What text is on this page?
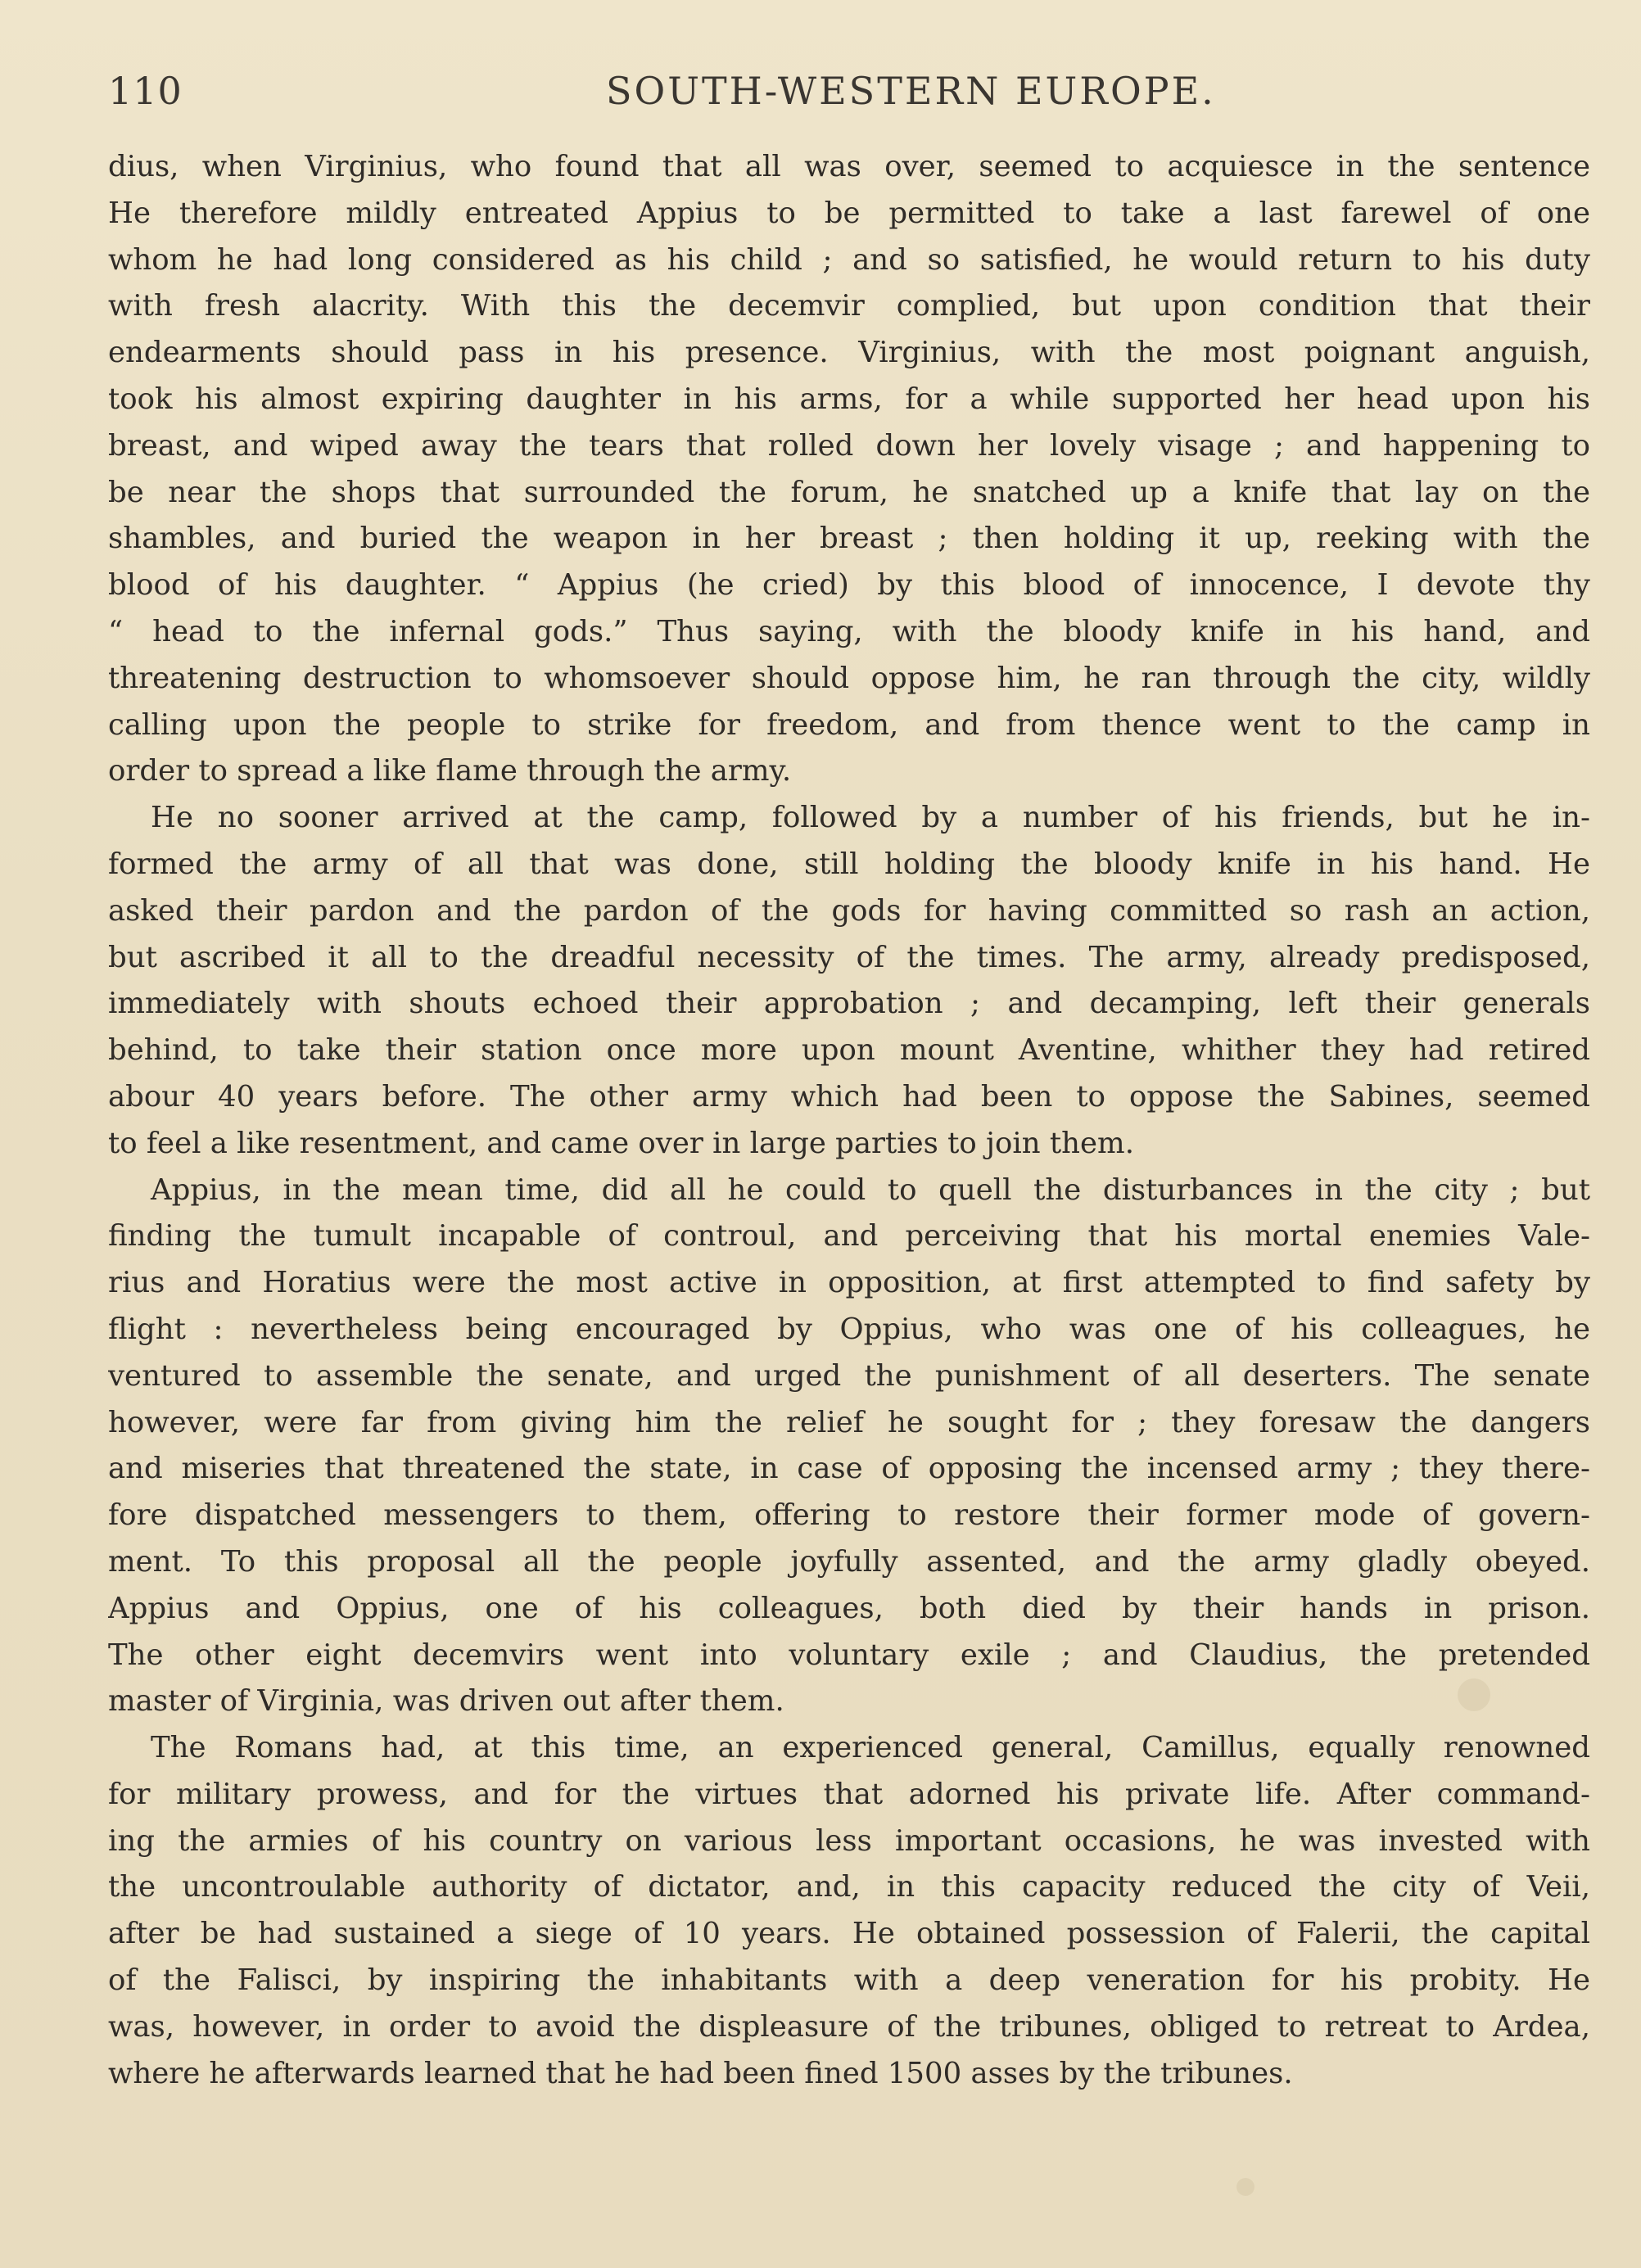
110	SOUTH-WESTERN EUROPE.
dius, when Virginius, who found that all was over, seemed to acquiesce in the sentence
He therefore mildly entreated Appius to be permitted to take a last farewel of one
whom he had long considered as his child ; and so satisfied, he would return to his duty
with fresh alacrity. With this the decemvir complied, but upon condition that their
endearments should pass in his presence. Virginius, with the most poignant anguish,
took his almost expiring daughter in his arms, for a while supported her head upon his
breast, and wiped away the tears that rolled down her lovely visage ; and happening to
be near the shops that surrounded the forum, he snatched up a knife that lay on the
shambles, and buried the weapon in her breast ; then holding it up, reeking with the
blood of his daughter. “ Appius (he cried) by this blood of innocence, I devote thy
“ head to the infernal gods.” Thus saying, with the bloody knife in his hand, and
threatening destruction to whomsoever should oppose him, he ran through the city, wildly
calling upon the people to strike for freedom, and from thence went to the camp in
order to spread a like flame through the army.
He no sooner arrived at the camp, followed by a number of his friends, but he in-
formed the army of all that was done, still holding the bloody knife in his hand. He
asked their pardon and the pardon of the gods for having committed so rash an action,
but ascribed it all to the dreadful necessity of the times. The army, already predisposed,
immediately with shouts echoed their approbation ; and decamping, left their generals
behind, to take their station once more upon mount Aventine, whither they had retired
abour 40 years before. The other army which had been to oppose the Sabines, seemed
to feel a like resentment, and came over in large parties to join them.
Appius, in the mean time, did all he could to quell the disturbances in the city ; but
finding the tumult incapable of controul, and perceiving that his mortal enemies Vale-
rius and Horatius were the most active in opposition, at first attempted to find safety by
flight : nevertheless being encouraged by Oppius, who was one of his colleagues, he
ventured to assemble the senate, and urged the punishment of all deserters. The senate
however, were far from giving him the relief he sought for ; they foresaw the dangers
and miseries that threatened the state, in case of opposing the incensed army ; they there-
fore dispatched messengers to them, offering to restore their former mode of govern-
ment. To this proposal all the people joyfully assented, and the army gladly obeyed.
Appius and Oppius, one of his colleagues, both died by their hands in prison.
The other eight decemvirs went into voluntary exile ; and Claudius, the pretended
master of Virginia, was driven out after them.
The Romans had, at this time, an experienced general, Camillus, equally renowned
for military prowess, and for the virtues that adorned his private life. After command-
ing the armies of his country on various less important occasions, he was invested with
the uncontroulable authority of dictator, and, in this capacity reduced the city of Veii,
after be had sustained a siege of 10 years. He obtained possession of Falerii, the capital
of the Falisci, by inspiring the inhabitants with a deep veneration for his probity. He
was, however, in order to avoid the displeasure of the tribunes, obliged to retreat to Ardea,
where he afterwards learned that he had been fined 1500 asses by the tribunes.
